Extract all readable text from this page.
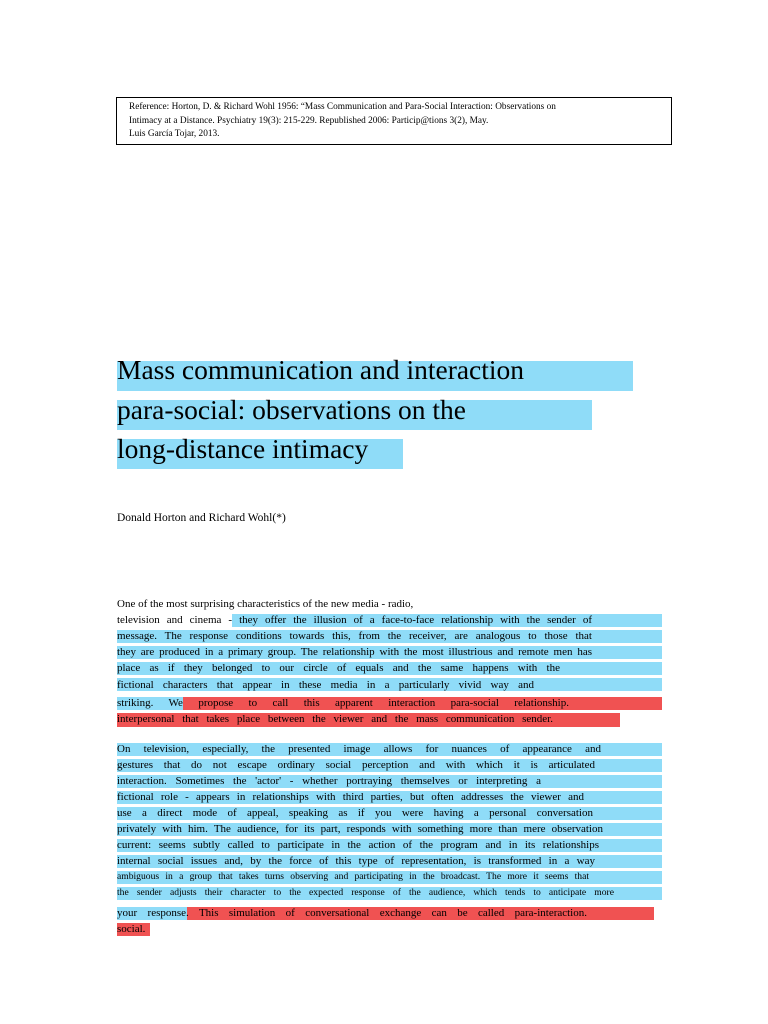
Reference: Horton, D. & Richard Wohl 1956: “Mass Communication and Para-Social Interaction: Observations on
Intimacy at a Distance. Psychiatry 19(3): 215-229. Republished 2006: Particip@tions 3(2), May.
Luis García Tojar, 2013.
Mass communication and interaction
para-social: observations on the
long-distance intimacy
Donald Horton and Richard Wohl(*)
One of the most surprising characteristics of the new media - radio,
television and cinema - they offer the illusion of a face-to-face relationship with the sender of
message. The response conditions towards this, from the receiver, are analogous to those that
they are produced in a primary group. The relationship with the most illustrious and remote men has
place as if they belonged to our circle of equals and the same happens with the
fictional characters that appear in these media in a particularly vivid way and
striking. We propose to call this apparent interaction para-social relationship.
interpersonal that takes place between the viewer and the mass communication sender.
On television, especially, the presented image allows for nuances of appearance and
gestures that do not escape ordinary social perception and with which it is articulated
interaction. Sometimes the 'actor' - whether portraying themselves or interpreting a
fictional role - appears in relationships with third parties, but often addresses the viewer and
use a direct mode of appeal, speaking as if you were having a personal conversation
privately with him. The audience, for its part, responds with something more than mere observation
current: seems subtly called to participate in the action of the program and in its relationships
internal social issues and, by the force of this type of representation, is transformed in a way
ambiguous in a group that takes turns observing and participating in the broadcast. The more it seems that
the sender adjusts their character to the expected response of the audience, which tends to anticipate more
your response. This simulation of conversational exchange can be called para-interaction.
social.
